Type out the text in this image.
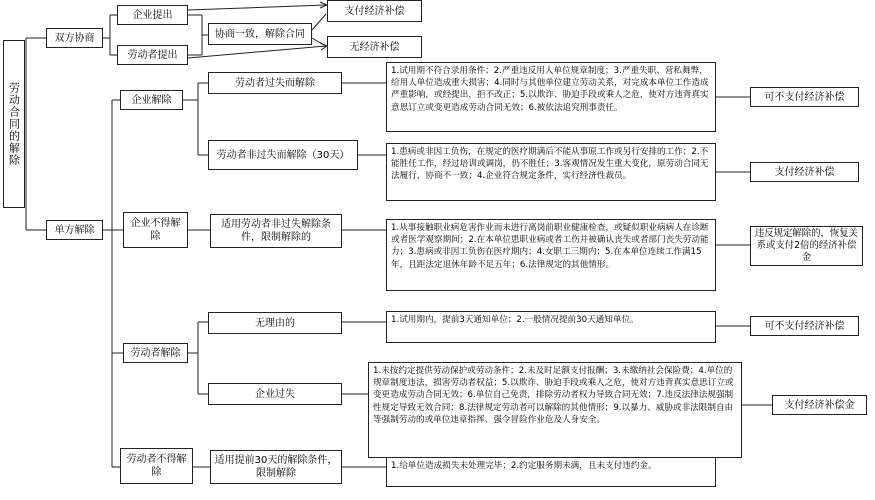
劳动合同的解除
双方协商
单方解除
企业提出
劳动者提出
协商一致，解除合同
支付经济补偿
无经济补偿
企业解除
企业不得解除
劳动者解除
劳动者不得解除
劳动者过失而解除
劳动者非过失而解除（30天）
适用劳动者非过失解除条件，限制解除的
无理由的
企业过失
适用提前30天的解除条件，限制解除
1.试用期不符合录用条件；2.严重违反用人单位规章制度；3.严重失职、营私舞弊，给用人单位造成重大损害；4.同时与其他单位建立劳动关系，对完成本单位工作造成严重影响，或经提出，拒不改正；5.以欺诈、胁迫手段或乘人之危，使对方违背真实意思订立或变更造成劳动合同无效；6.被依法追究刑事责任。
1.患病或非因工负伤，在规定的医疗期满后不能从事原工作或另行安排的工作；2.不能胜任工作，经过培训或调岗，仍不胜任；3.客观情况发生重大变化，原劳动合同无法履行，协商不一致；4.企业符合规定条件，实行经济性裁员。
1.从事接触职业病危害作业而未进行离岗前职业健康检查，或疑似职业病病人在诊断或者医学观察期间；2.在本单位患职业病或者工伤并被确认丧失或者部门丧失劳动能力；3.患病或非因工负伤在医疗期内；4.女职工三期内；5.在本单位连续工作满15年，且距法定退休年龄不足五年；6.法律规定的其他情形。
1.试用期内，提前3天通知单位；2.一般情况提前30天通知单位。
1.未按约定提供劳动保护或劳动条件；2.未及时足额支付报酬；3.未缴纳社会保险费；4.单位的规章制度违法，损害劳动者权益；5.以欺诈、胁迫手段或乘人之危，使对方违背真实意思订立或变更造成劳动合同无效；6.单位自己免责，排除劳动者权力导致合同无效；7.违反法律法规强制性规定导致无效合同；8.法律规定劳动者可以解除的其他情形；9.以暴力、威胁或非法限制自由等强制劳动的或单位违章指挥、强令冒险作业危及人身安全。
1.给单位造成损失未处理完毕；2.约定服务期未满，且未支付违约金。
可不支付经济补偿
支付经济补偿
违反规定解除的，恢复关系或支付2倍的经济补偿金
可不支付经济补偿
支付经济补偿金
